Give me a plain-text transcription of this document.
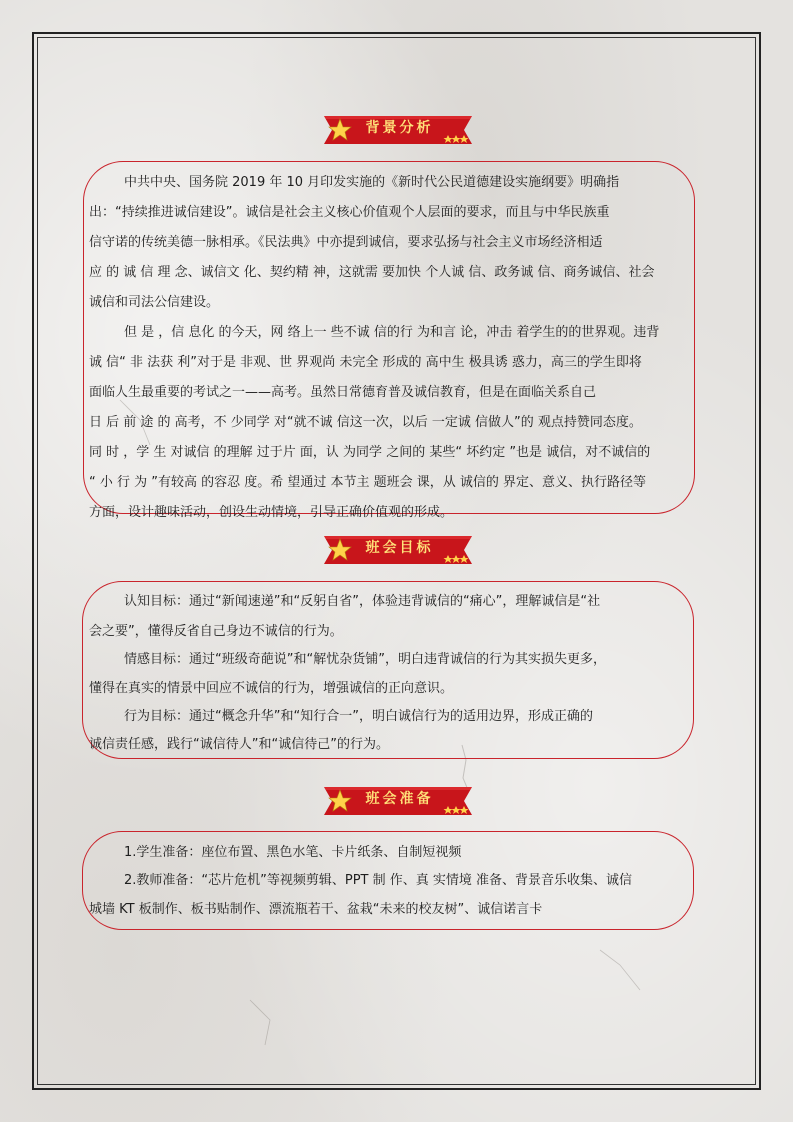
背景分析
中共中央、国务院 2019 年 10 月印发实施的《新时代公民道德建设实施纲要》明确指
出：“持续推进诚信建设”。诚信是社会主义核心价值观个人层面的要求，而且与中华民族重
信守诺的传统美德一脉相承。《民法典》中亦提到诚信，要求弘扬与社会主义市场经济相适
应 的 诚 信 理 念、诚信文 化、契约精 神，这就需 要加快 个人诚 信、政务诚 信、商务诚信、社会
诚信和司法公信建设。
但 是 ，信 息化 的今天，网 络上一 些不诚 信的行 为和言 论，冲击 着学生的的世界观。违背
诚 信“ 非 法获 利”对于是 非观、世 界观尚 未完全 形成的 高中生 极具诱 惑力，高三的学生即将
面临人生最重要的考试之一——高考。虽然日常德育普及诚信教育，但是在面临关系自己
日 后 前 途 的 高考，不 少同学 对“就不诚 信这一次，以后 一定诚 信做人”的 观点持赞同态度。
同 时 ，学 生 对诚信 的理解 过于片 面，认 为同学 之间的 某些“ 坏约定 ”也是 诚信，对不诚信的
“ 小 行 为 ”有较高 的容忍 度。希 望通过 本节主 题班会 课，从 诚信的 界定、意义、执行路径等
方面，设计趣味活动，创设生动情境，引导正确价值观的形成。
班会目标
认知目标：通过“新闻速递”和“反躬自省”，体验违背诚信的“痛心”，理解诚信是“社
会之要”，懂得反省自己身边不诚信的行为。
情感目标：通过“班级奇葩说”和“解忧杂货铺”，明白违背诚信的行为其实损失更多，
懂得在真实的情景中回应不诚信的行为，增强诚信的正向意识。
行为目标：通过“概念升华”和“知行合一”，明白诚信行为的适用边界，形成正确的
诚信责任感，践行“诚信待人”和“诚信待己”的行为。
班会准备
1.学生准备：座位布置、黑色水笔、卡片纸条、自制短视频
2.教师准备：“芯片危机”等视频剪辑、PPT 制 作、真 实情境 准备、背景音乐收集、诚信
城墙 KT 板制作、板书贴制作、漂流瓶若干、盆栽“未来的校友树”、诚信诺言卡
